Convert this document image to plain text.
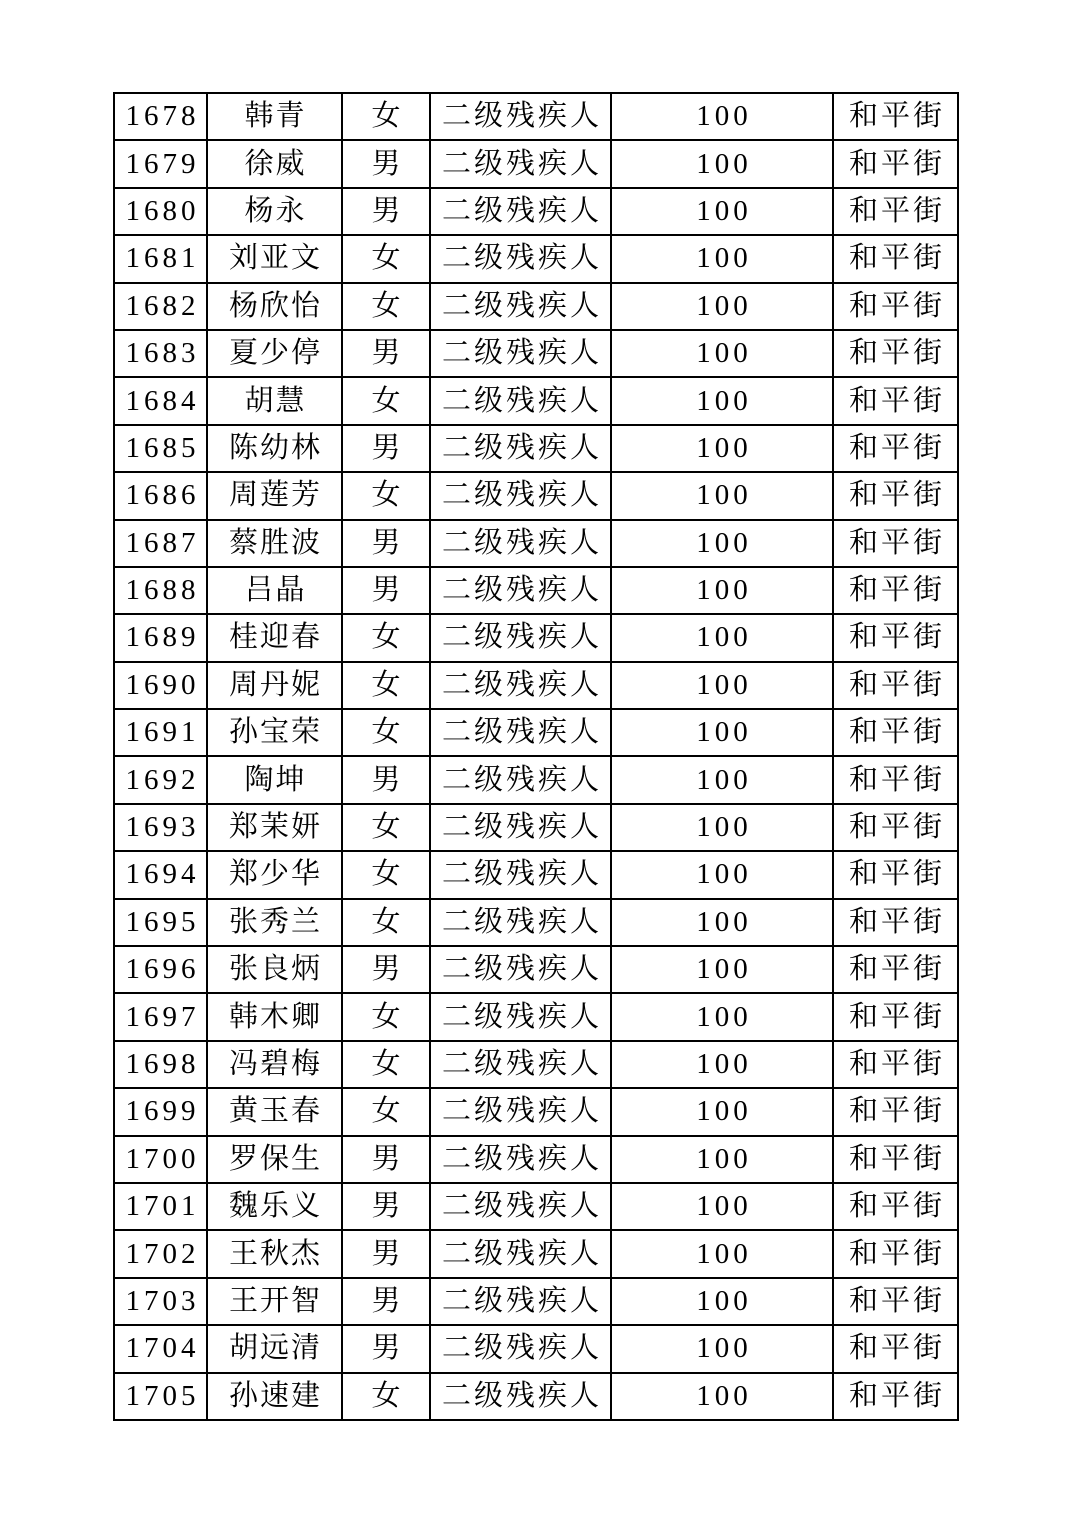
1678	韩青	女	二级残疾人	100	和平街
1679	徐威	男	二级残疾人	100	和平街
1680	杨永	男	二级残疾人	100	和平街
1681	刘亚文	女	二级残疾人	100	和平街
1682	杨欣怡	女	二级残疾人	100	和平街
1683	夏少停	男	二级残疾人	100	和平街
1684	胡慧	女	二级残疾人	100	和平街
1685	陈幼林	男	二级残疾人	100	和平街
1686	周莲芳	女	二级残疾人	100	和平街
1687	蔡胜波	男	二级残疾人	100	和平街
1688	吕晶	男	二级残疾人	100	和平街
1689	桂迎春	女	二级残疾人	100	和平街
1690	周丹妮	女	二级残疾人	100	和平街
1691	孙宝荣	女	二级残疾人	100	和平街
1692	陶坤	男	二级残疾人	100	和平街
1693	郑茉妍	女	二级残疾人	100	和平街
1694	郑少华	女	二级残疾人	100	和平街
1695	张秀兰	女	二级残疾人	100	和平街
1696	张良炳	男	二级残疾人	100	和平街
1697	韩木卿	女	二级残疾人	100	和平街
1698	冯碧梅	女	二级残疾人	100	和平街
1699	黄玉春	女	二级残疾人	100	和平街
1700	罗保生	男	二级残疾人	100	和平街
1701	魏乐义	男	二级残疾人	100	和平街
1702	王秋杰	男	二级残疾人	100	和平街
1703	王开智	男	二级残疾人	100	和平街
1704	胡远清	男	二级残疾人	100	和平街
1705	孙速建	女	二级残疾人	100	和平街
